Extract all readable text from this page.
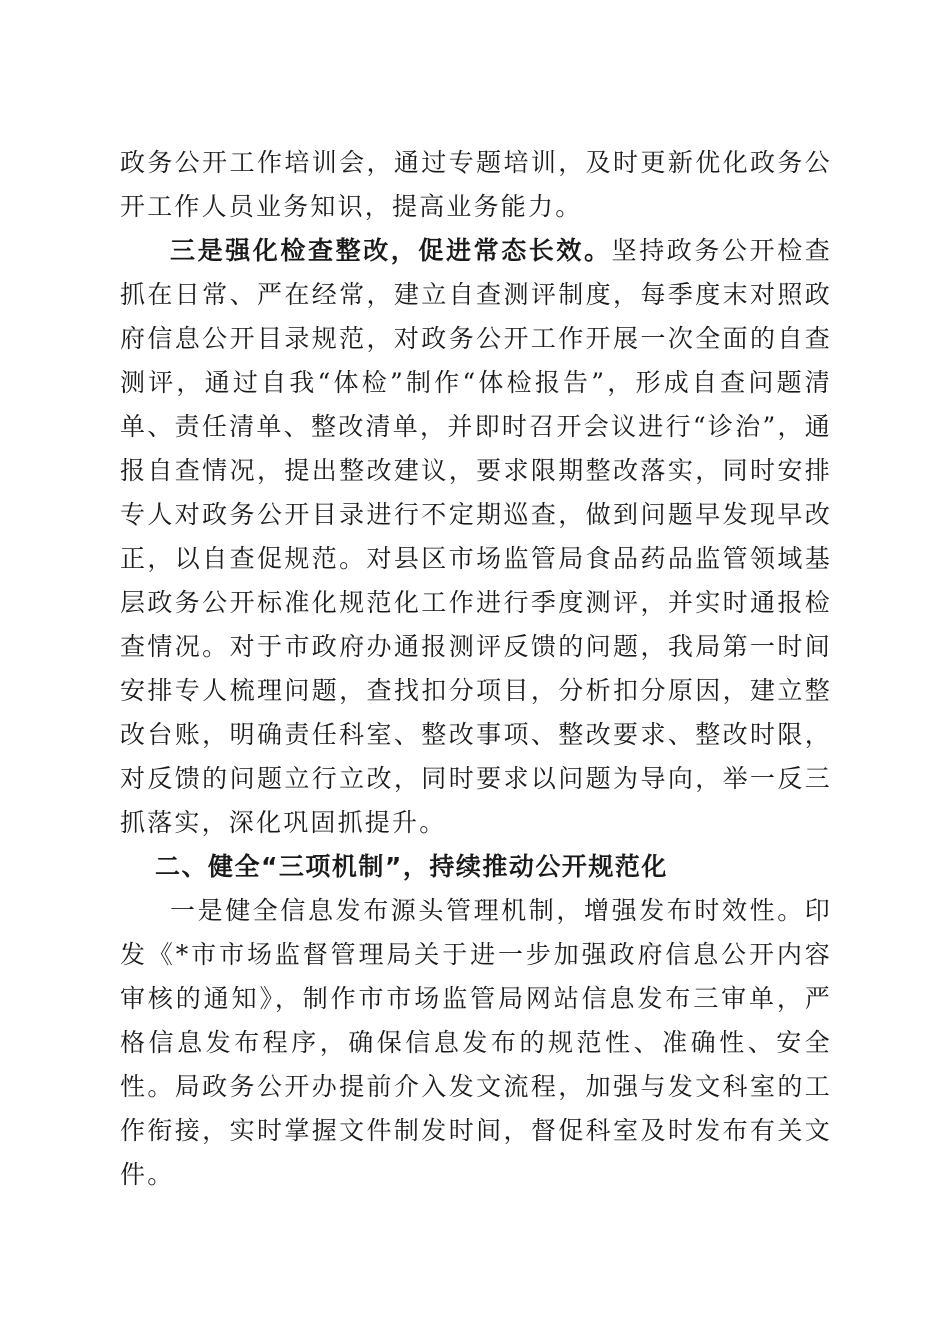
政务公开工作培训会，通过专题培训，及时更新优化政务公开工作人员业务知识，提高业务能力。

三是强化检查整改，促进常态长效。坚持政务公开检查抓在日常、严在经常，建立自查测评制度，每季度末对照政府信息公开目录规范，对政务公开工作开展一次全面的自查测评，通过自我“体检”制作“体检报告”，形成自查问题清单、责任清单、整改清单，并即时召开会议进行“诊治”，通报自查情况，提出整改建议，要求限期整改落实，同时安排专人对政务公开目录进行不定期巡查，做到问题早发现早改正，以自查促规范。对县区市场监管局食品药品监管领域基层政务公开标准化规范化工作进行季度测评，并实时通报检查情况。对于市政府办通报测评反馈的问题，我局第一时间安排专人梳理问题，查找扣分项目，分析扣分原因，建立整改台账，明确责任科室、整改事项、整改要求、整改时限，对反馈的问题立行立改，同时要求以问题为导向，举一反三抓落实，深化巩固抓提升。

二、健全“三项机制”，持续推动公开规范化

一是健全信息发布源头管理机制，增强发布时效性。印发《*市市场监督管理局关于进一步加强政府信息公开内容审核的通知》，制作市市场监管局网站信息发布三审单，严格信息发布程序，确保信息发布的规范性、准确性、安全性。局政务公开办提前介入发文流程，加强与发文科室的工作衔接，实时掌握文件制发时间，督促科室及时发布有关文件。
